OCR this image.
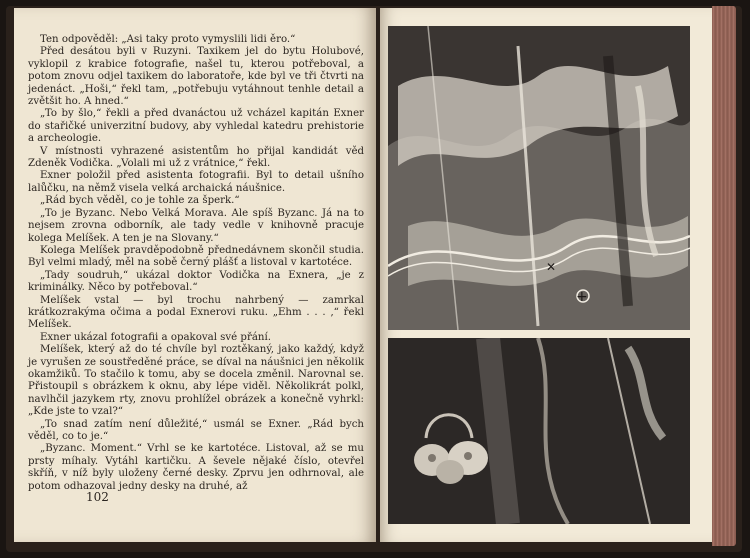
Ten odpověděl: „Asi taky proto vymyslili lidi ěro.“

Před desátou byli v Ruzyni. Taxikem jel do bytu Holubové, vyklopil z krabice fotografie, našel tu, kterou potřeboval, a potom znovu odjel taxikem do laboratoře, kde byl ve tři čtvrti na jedenáct. „Hoši,“ řekl tam, „potřebuju vytáhnout tenhle detail a zvětšit ho. A hned.“

„To by šlo,“ řekli a před dvanáctou už vcházel kapitán Exner do stařičké univerzitní budovy, aby vyhledal katedru prehistorie a archeologie.

V místnosti vyhrazené asistentům ho přijal kandidát věd Zdeněk Vodička. „Volali mi už z vrátnice,“ řekl.

Exner položil před asistenta fotografii. Byl to detail ušního lalůčku, na němž visela velká archaická náušnice.

„Rád bych věděl, co je tohle za šperk.“

„To je Byzanc. Nebo Velká Morava. Ale spíš Byzanc. Já na to nejsem zrovna odborník, ale tady vedle v knihovně pracuje kolega Melíšek. A ten je na Slovany.“

Kolega Melíšek pravděpodobně přednedávnem skončil studia. Byl velmi mladý, měl na sobě černý plášť a listoval v kartotéce.

„Tady soudruh,“ ukázal doktor Vodička na Exnera, „je z kriminálky. Něco by potřeboval.“

Melíšek vstal — byl trochu nahrbený — zamrkal krátkozrakýma očima a podal Exnerovi ruku. „Ehm . . . ,“ řekl Melíšek.

Exner ukázal fotografii a opakoval své přání.

Melíšek, který až do té chvíle byl roztěkaný, jako každý, když je vyrušen ze soustředěné práce, se díval na náušnici jen několik okamžiků. To stačilo k tomu, aby se docela změnil. Narovnal se. Přistoupil s obrázkem k oknu, aby lépe viděl. Několikrát polkl, navlhčil jazykem rty, znovu prohlížel obrázek a konečně vyhrkl: „Kde jste to vzal?“

„To snad zatím není důležité,“ usmál se Exner. „Rád bych věděl, co to je.“

„Byzanc. Moment.“ Vrhl se ke kartotéce. Listoval, až se mu prsty míhaly. Vytáhl kartičku. A ševele nějaké číslo, otevřel skříň, v níž byly uloženy černé desky. Zprvu jen odhrnoval, ale potom odhazoval jedny desky na druhé, až

102
+
✕
